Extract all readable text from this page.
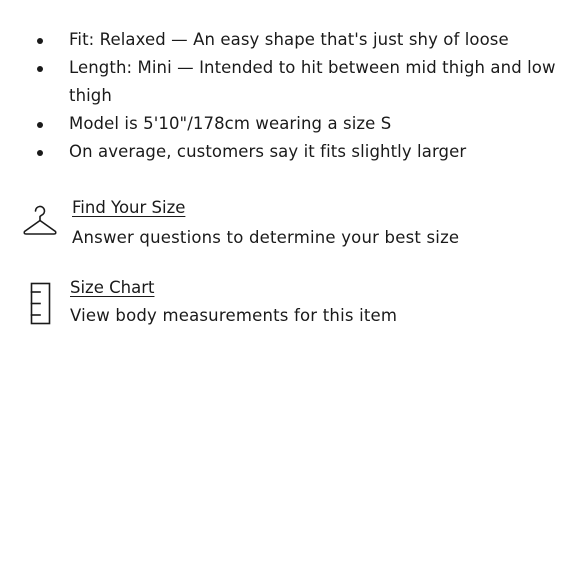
Fit: Relaxed — An easy shape that's just shy of loose
Length: Mini — Intended to hit between mid thigh and low thigh
Model is 5'10"/178cm wearing a size S
On average, customers say it fits slightly larger
Find Your Size
Answer questions to determine your best size
Size Chart
View body measurements for this item
